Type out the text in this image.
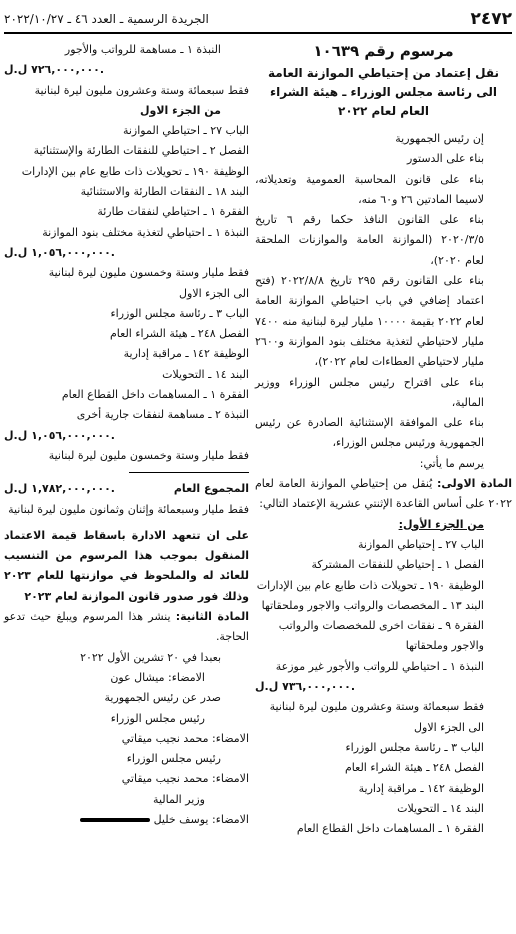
٢٤٧٢
الجريدة الرسمية ـ العدد ٤٦ ـ ٢٠٢٢/١٠/٢٧

مرسوم رقم ١٠٦٣٩

نقل إعتماد من إحتياطي الموازنة العامة الى رئاسة مجلس الوزراء ـ هيئة الشراء العام لعام ٢٠٢٢

إن رئيس الجمهورية

بناء على الدستور

بناء على قانون المحاسبة العمومية وتعديلاته، لاسيما المادتين ٢٦ و٦٠ منه،

بناء على القانون النافذ حكما رقم ٦ تاريخ ٢٠٢٠/٣/٥ (الموازنة العامة والموازنات الملحقة لعام ٢٠٢٠)،

بناء على القانون رقم ٢٩٥ تاريخ ٢٠٢٢/٨/٨ (فتح اعتماد إضافي في باب احتياطي الموازنة العامة لعام ٢٠٢٢ بقيمة ١٠٠٠٠ مليار ليرة لبنانية منه ٧٤٠٠ مليار لاحتياطي لتغذية مختلف بنود الموازنة و٢٦٠٠ مليار لاحتياطي العطاءات لعام ٢٠٢٢)،

بناء على اقتراح رئيس مجلس الوزراء ووزير المالية،

بناء على الموافقة الإستثنائية الصادرة عن رئيس الجمهورية ورئيس مجلس الوزراء،

يرسم ما يأتي:

المادة الاولى: يُنقل من إحتياطي الموازنة العامة لعام ٢٠٢٢ على أساس القاعدة الإثنتي عشرية الإعتماد التالي:

من الجزء الأول:

الباب ٢٧ ـ إحتياطي الموازنة

الفصل ١ ـ إحتياطي للنفقات المشتركة

الوظيفة ١٩٠ ـ تحويلات ذات طابع عام بين الإدارات

البند ١٣ ـ المخصصات والرواتب والاجور وملحقاتها

الفقرة ٩ ـ نفقات اخرى للمخصصات والرواتب والاجور وملحقاتها

النبذة ١ ـ احتياطي للرواتب والأجور غير موزعة

٧٣٦,٠٠٠,٠٠٠ ل.ل.

فقط سبعمائة وستة وعشرون مليون ليرة لبنانية

الى الجزء الاول

الباب ٣ ـ رئاسة مجلس الوزراء

الفصل ٢٤٨ ـ هيئة الشراء العام

الوظيفة ١٤٢ ـ مراقبة إدارية

البند ١٤ ـ التحويلات

الفقرة ١ ـ المساهمات داخل القطاع العام

النبذة ١ ـ مساهمة للرواتب والأجور

٧٢٦,٠٠٠,٠٠٠ ل.ل.

فقط سبعمائة وستة وعشرون مليون ليرة لبنانية

من الجزء الاول

الباب ٢٧ ـ احتياطي الموازنة

الفصل ٢ ـ احتياطي للنفقات الطارئة والإستثنائية

الوظيفة ١٩٠ ـ تحويلات ذات طابع عام بين الإدارات

البند ١٨ ـ النفقات الطارئة والاستثنائية

الفقرة ١ ـ احتياطي لنفقات طارئة

النبذة ١ ـ احتياطي لتغذية مختلف بنود الموازنة

١,٠٥٦,٠٠٠,٠٠٠ ل.ل.

فقط مليار وستة وخمسون مليون ليرة لبنانية

الى الجزء الاول

الباب ٣ ـ رئاسة مجلس الوزراء

الفصل ٢٤٨ ـ هيئة الشراء العام

الوظيفة ١٤٢ ـ مراقبة إدارية

البند ١٤ ـ التحويلات

الفقرة ١ ـ المساهمات داخل القطاع العام

النبذة ٢ ـ مساهمة لنفقات جارية أخرى

١,٠٥٦,٠٠٠,٠٠٠ ل.ل.

فقط مليار وستة وخمسون مليون ليرة لبنانية

المجموع العام
١,٧٨٢,٠٠٠,٠٠٠ ل.ل.

فقط مليار وسبعمائة وإثنان وثمانون مليون ليرة لبنانية

على ان تتعهد الادارة باسقاط قيمة الاعتماد المنقول بموجب هذا المرسوم من التنسيب للعائد له والملحوظ في موازنتها للعام ٢٠٢٣ وذلك فور صدور قانون الموازنة لعام ٢٠٢٣

المادة الثانية: ينشر هذا المرسوم ويبلغ حيث تدعو الحاجة.

بعبدا في ٢٠ تشرين الأول ٢٠٢٢

الامضاء: ميشال عون

صدر عن رئيس الجمهورية

رئيس مجلس الوزراء

الامضاء: محمد نجيب ميقاتي

رئيس مجلس الوزراء

الامضاء: محمد نجيب ميقاتي

وزير المالية

الامضاء: يوسف خليل
